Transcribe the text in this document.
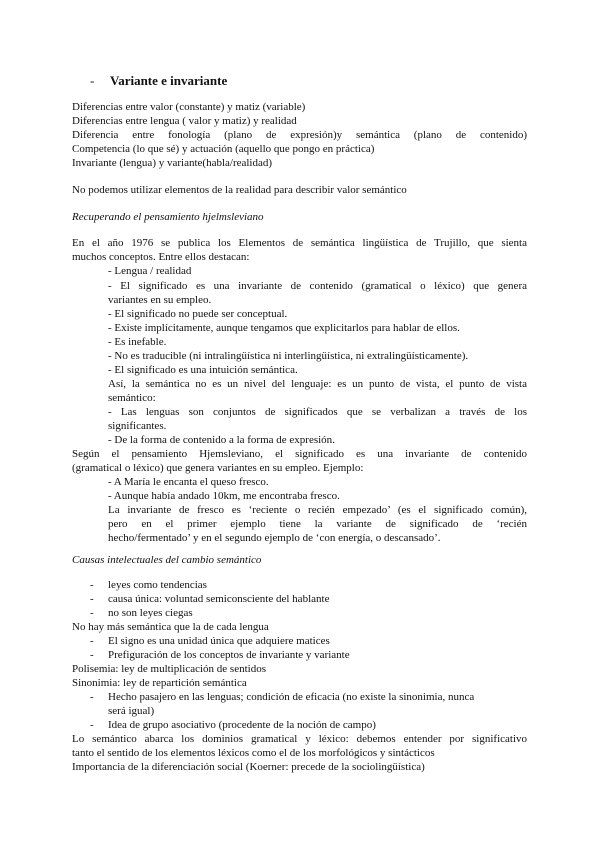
- Variante e invariante
Diferencias entre valor (constante) y matiz (variable)
Diferencias entre lengua ( valor y matiz) y realidad
Diferencia entre fonología (plano de expresión)y semántica (plano de contenido)
Competencia (lo que sé) y actuación (aquello que pongo en práctica)
Invariante (lengua) y variante(habla/realidad)
No podemos utilizar elementos de la realidad para describir valor semántico
Recuperando el pensamiento hjelmsleviano
En el año 1976 se publica los Elementos de semántica lingüística de Trujillo, que sienta
muchos conceptos. Entre ellos destacan:
- Lengua / realidad
- El significado es una invariante de contenido (gramatical o léxico) que genera
variantes en su empleo.
- El significado no puede ser conceptual.
- Existe implícitamente, aunque tengamos que explicitarlos para hablar de ellos.
- Es inefable.
- No es traducible (ni intralingüística ni interlingüística, ni extralingüísticamente).
- El significado es una intuición semántica.
Así, la semántica no es un nivel del lenguaje: es un punto de vista, el punto de vista
semántico:
- Las lenguas son conjuntos de significados que se verbalizan a través de los
significantes.
- De la forma de contenido a la forma de expresión.
Según el pensamiento Hjemsleviano, el significado es una invariante de contenido
(gramatical o léxico) que genera variantes en su empleo. Ejemplo:
- A María le encanta el queso fresco.
- Aunque había andado 10km, me encontraba fresco.
La invariante de fresco es ‘reciente o recién empezado’ (es el significado común),
pero en el primer ejemplo tiene la variante de significado de ‘recién
hecho/fermentado’ y en el segundo ejemplo de ‘con energía, o descansado’.
Causas intelectuales del cambio semántico
- leyes como tendencias
- causa única: voluntad semiconsciente del hablante
- no son leyes ciegas
No hay más semántica que la de cada lengua
- El signo es una unidad única que adquiere matices
- Prefiguración de los conceptos de invariante y variante
Polisemia: ley de multiplicación de sentidos
Sinonimia: ley de repartición semántica
- Hecho pasajero en las lenguas; condición de eficacia (no existe la sinonimia, nunca
será igual)
- Idea de grupo asociativo (procedente de la noción de campo)
Lo semántico abarca los dominios gramatical y léxico: debemos entender por significativo
tanto el sentido de los elementos léxicos como el de los morfológicos y sintácticos
Importancia de la diferenciación social (Koerner: precede de la sociolingüística)
